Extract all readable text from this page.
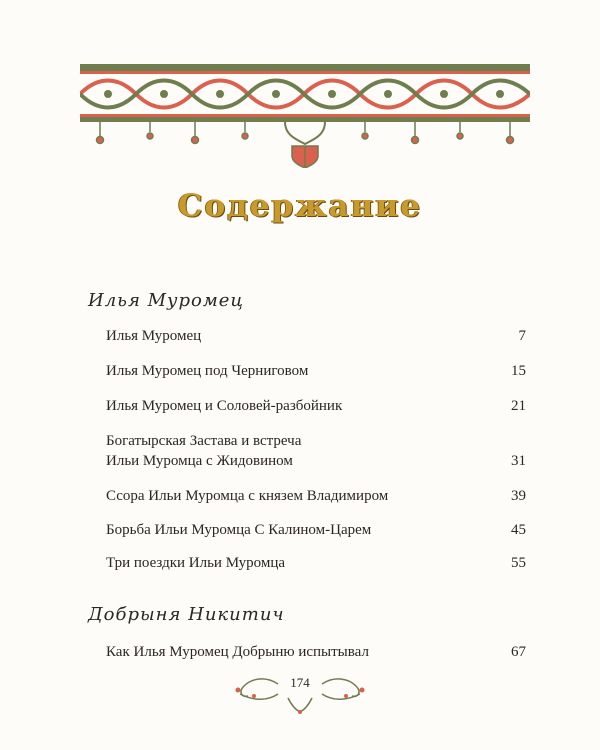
Содержание
Илья Муромец
Илья Муромец	7
Илья Муромец под Черниговом	15
Илья Муромец и Соловей-разбойник	21
Богатырская Застава и встреча
Ильи Муромца с Жидовином	31
Ссора Ильи Муромца с князем Владимиром	39
Борьба Ильи Муромца С Калином-Царем	45
Три поездки Ильи Муромца	55
Добрыня Никитич
Как Илья Муромец Добрыню испытывал	67
174
